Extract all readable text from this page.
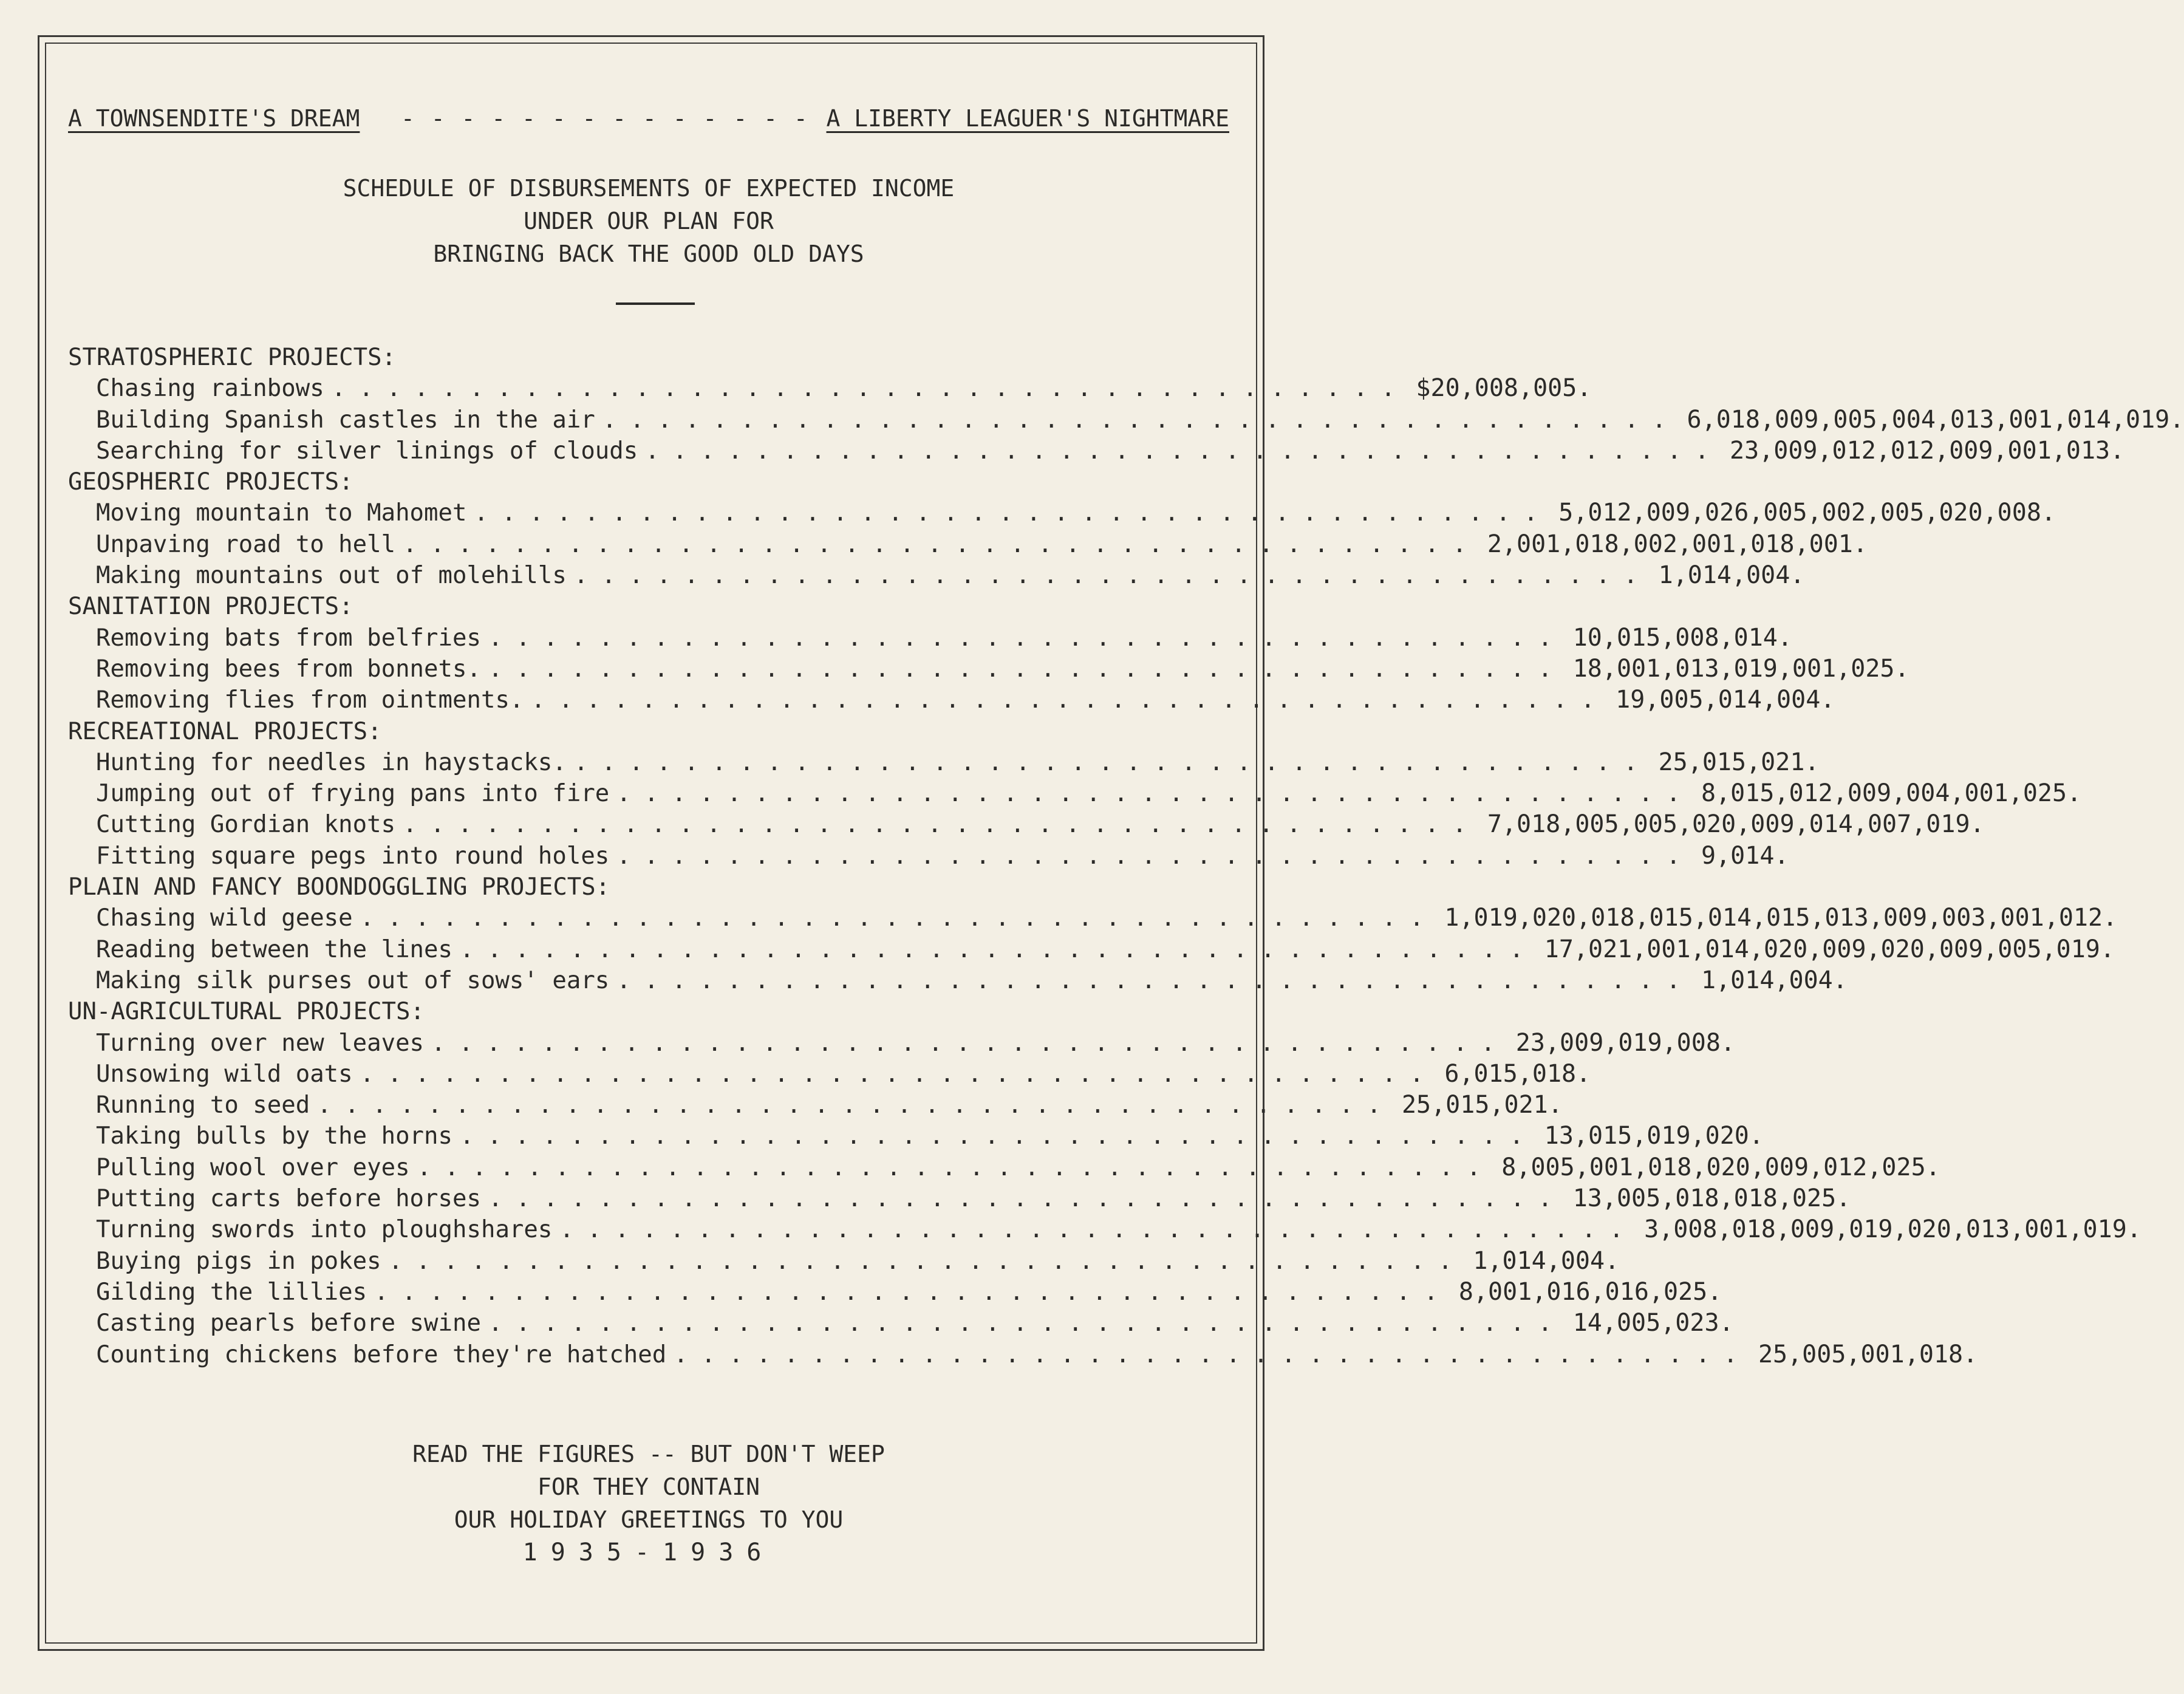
A TOWNSENDITE'S DREAM - - - - - - - - - - - - - - A LIBERTY LEAGUER'S NIGHTMARE
SCHEDULE OF DISBURSEMENTS OF EXPECTED INCOME
UNDER OUR PLAN FOR
BRINGING BACK THE GOOD OLD DAYS
STRATOSPHERIC PROJECTS:
Chasing rainbows ....................................... $20,008,005.
Building Spanish castles in the air ....................................... 6,018,009,005,004,013,001,014,019.
Searching for silver linings of clouds ....................................... 23,009,012,012,009,001,013.
GEOSPHERIC PROJECTS:
Moving mountain to Mahomet ....................................... 5,012,009,026,005,002,005,020,008.
Unpaving road to hell ....................................... 2,001,018,002,001,018,001.
Making mountains out of molehills ....................................... 1,014,004.
SANITATION PROJECTS:
Removing bats from belfries ....................................... 10,015,008,014.
Removing bees from bonnets. ....................................... 18,001,013,019,001,025.
Removing flies from ointments. ....................................... 19,005,014,004.
RECREATIONAL PROJECTS:
Hunting for needles in haystacks. ....................................... 25,015,021.
Jumping out of frying pans into fire ....................................... 8,015,012,009,004,001,025.
Cutting Gordian knots ....................................... 7,018,005,005,020,009,014,007,019.
Fitting square pegs into round holes ....................................... 9,014.
PLAIN AND FANCY BOONDOGGLING PROJECTS:
Chasing wild geese ....................................... 1,019,020,018,015,014,015,013,009,003,001,012.
Reading between the lines ....................................... 17,021,001,014,020,009,020,009,005,019.
Making silk purses out of sows' ears ....................................... 1,014,004.
UN-AGRICULTURAL PROJECTS:
Turning over new leaves ....................................... 23,009,019,008.
Unsowing wild oats ....................................... 6,015,018.
Running to seed ....................................... 25,015,021.
Taking bulls by the horns ....................................... 13,015,019,020.
Pulling wool over eyes ....................................... 8,005,001,018,020,009,012,025.
Putting carts before horses ....................................... 13,005,018,018,025.
Turning swords into ploughshares ....................................... 3,008,018,009,019,020,013,001,019.
Buying pigs in pokes ....................................... 1,014,004.
Gilding the lillies ....................................... 8,001,016,016,025.
Casting pearls before swine ....................................... 14,005,023.
Counting chickens before they're hatched ....................................... 25,005,001,018.
READ THE FIGURES -- BUT DON'T WEEP
FOR THEY CONTAIN
OUR HOLIDAY GREETINGS TO YOU
1935-1936
